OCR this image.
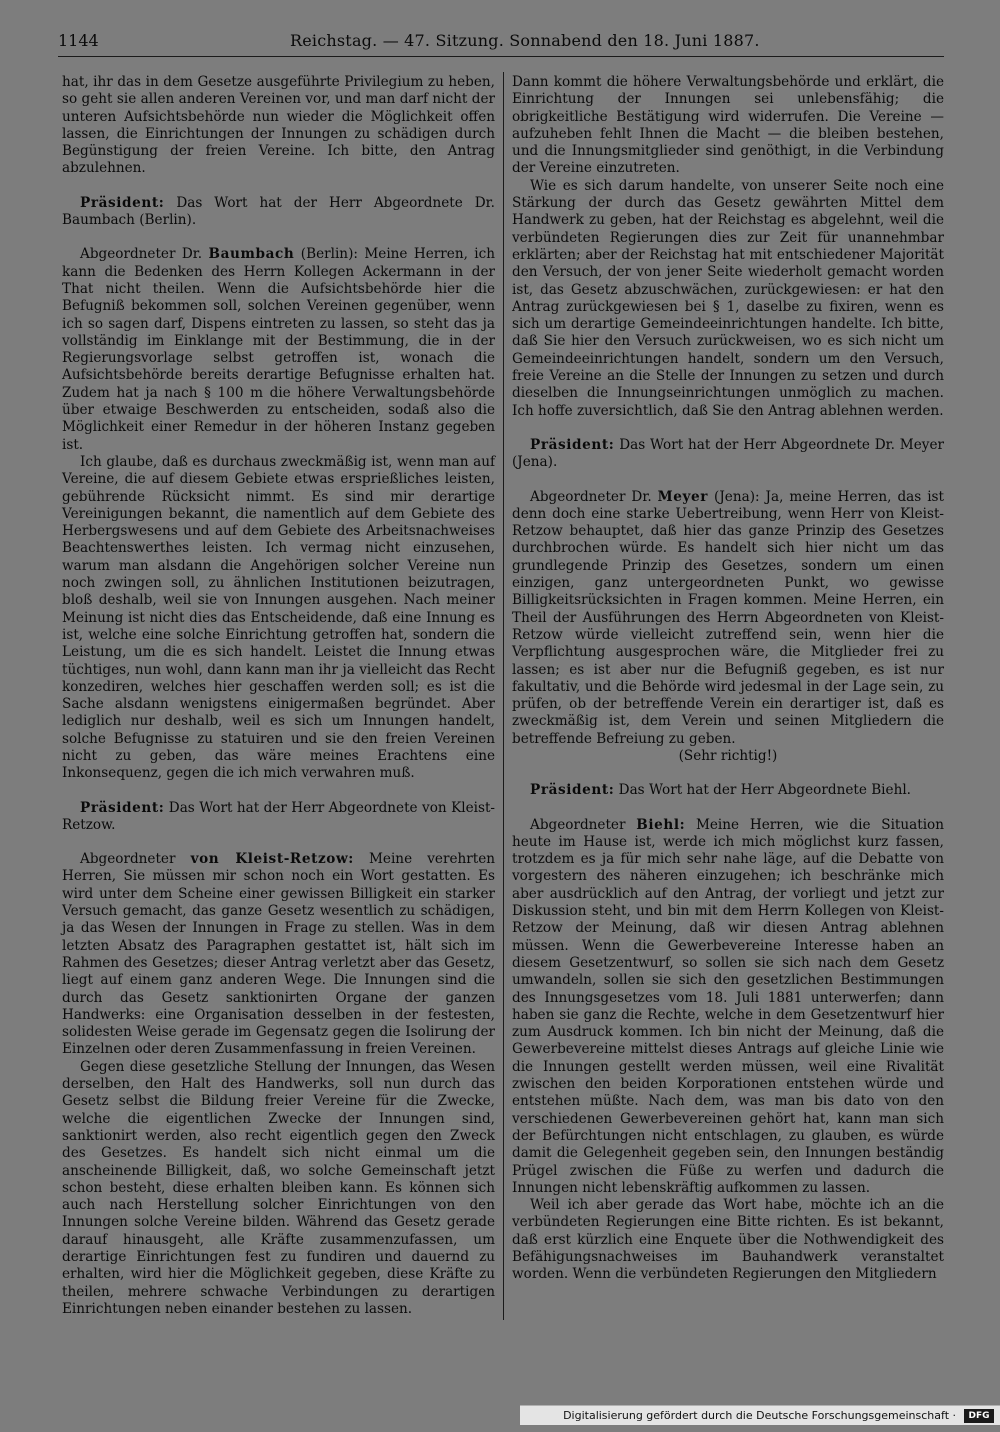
1144	Reichstag. — 47. Sitzung. Sonnabend den 18. Juni 1887.

hat, ihr das in dem Gesetze ausgeführte Privilegium zu heben, so geht sie allen anderen Vereinen vor, und man darf nicht der unteren Aufsichtsbehörde nun wieder die Möglichkeit offen lassen, die Einrichtungen der Innungen zu schädigen durch Begünstigung der freien Vereine. Ich bitte, den Antrag abzulehnen.

Präsident: Das Wort hat der Herr Abgeordnete Dr. Baumbach (Berlin).

Abgeordneter Dr. Baumbach (Berlin): Meine Herren, ich kann die Bedenken des Herrn Kollegen Ackermann in der That nicht theilen. Wenn die Aufsichtsbehörde hier die Befugniß bekommen soll, solchen Vereinen gegenüber, wenn ich so sagen darf, Dispens eintreten zu lassen, so steht das ja vollständig im Einklange mit der Bestimmung, die in der Regierungsvorlage selbst getroffen ist, wonach die Aufsichtsbehörde bereits derartige Befugnisse erhalten hat. Zudem hat ja nach § 100 m die höhere Verwaltungsbehörde über etwaige Beschwerden zu entscheiden, sodaß also die Möglichkeit einer Remedur in der höheren Instanz gegeben ist.

Ich glaube, daß es durchaus zweckmäßig ist, wenn man auf Vereine, die auf diesem Gebiete etwas ersprießliches leisten, gebührende Rücksicht nimmt. Es sind mir derartige Vereinigungen bekannt, die namentlich auf dem Gebiete des Herbergswesens und auf dem Gebiete des Arbeitsnachweises Beachtenswerthes leisten. Ich vermag nicht einzusehen, warum man alsdann die Angehörigen solcher Vereine nun noch zwingen soll, zu ähnlichen Institutionen beizutragen, bloß deshalb, weil sie von Innungen ausgehen. Nach meiner Meinung ist nicht dies das Entscheidende, daß eine Innung es ist, welche eine solche Einrichtung getroffen hat, sondern die Leistung, um die es sich handelt. Leistet die Innung etwas tüchtiges, nun wohl, dann kann man ihr ja vielleicht das Recht konzediren, welches hier geschaffen werden soll; es ist die Sache alsdann wenigstens einigermaßen begründet. Aber lediglich nur deshalb, weil es sich um Innungen handelt, solche Befugnisse zu statuiren und sie den freien Vereinen nicht zu geben, das wäre meines Erachtens eine Inkonsequenz, gegen die ich mich verwahren muß.

Präsident: Das Wort hat der Herr Abgeordnete von Kleist-Retzow.

Abgeordneter von Kleist-Retzow: Meine verehrten Herren, Sie müssen mir schon noch ein Wort gestatten. Es wird unter dem Scheine einer gewissen Billigkeit ein starker Versuch gemacht, das ganze Gesetz wesentlich zu schädigen, ja das Wesen der Innungen in Frage zu stellen. Was in dem letzten Absatz des Paragraphen gestattet ist, hält sich im Rahmen des Gesetzes; dieser Antrag verletzt aber das Gesetz, liegt auf einem ganz anderen Wege. Die Innungen sind die durch das Gesetz sanktionirten Organe der ganzen Handwerks: eine Organisation desselben in der festesten, solidesten Weise gerade im Gegensatz gegen die Isolirung der Einzelnen oder deren Zusammenfassung in freien Vereinen.

Gegen diese gesetzliche Stellung der Innungen, das Wesen derselben, den Halt des Handwerks, soll nun durch das Gesetz selbst die Bildung freier Vereine für die Zwecke, welche die eigentlichen Zwecke der Innungen sind, sanktionirt werden, also recht eigentlich gegen den Zweck des Gesetzes. Es handelt sich nicht einmal um die anscheinende Billigkeit, daß, wo solche Gemeinschaft jetzt schon besteht, diese erhalten bleiben kann. Es können sich auch nach Herstellung solcher Einrichtungen von den Innungen solche Vereine bilden. Während das Gesetz gerade darauf hinausgeht, alle Kräfte zusammenzufassen, um derartige Einrichtungen fest zu fundiren und dauernd zu erhalten, wird hier die Möglichkeit gegeben, diese Kräfte zu theilen, mehrere schwache Verbindungen zu derartigen Einrichtungen neben einander bestehen zu lassen.

Dann kommt die höhere Verwaltungsbehörde und erklärt, die Einrichtung der Innungen sei unlebensfähig; die obrigkeitliche Bestätigung wird widerrufen. Die Vereine — aufzuheben fehlt Ihnen die Macht — die bleiben bestehen, und die Innungsmitglieder sind genöthigt, in die Verbindung der Vereine einzutreten.

Wie es sich darum handelte, von unserer Seite noch eine Stärkung der durch das Gesetz gewährten Mittel dem Handwerk zu geben, hat der Reichstag es abgelehnt, weil die verbündeten Regierungen dies zur Zeit für unannehmbar erklärten; aber der Reichstag hat mit entschiedener Majorität den Versuch, der von jener Seite wiederholt gemacht worden ist, das Gesetz abzuschwächen, zurückgewiesen: er hat den Antrag zurückgewiesen bei § 1, daselbe zu fixiren, wenn es sich um derartige Gemeindeeinrichtungen handelte. Ich bitte, daß Sie hier den Versuch zurückweisen, wo es sich nicht um Gemeindeeinrichtungen handelt, sondern um den Versuch, freie Vereine an die Stelle der Innungen zu setzen und durch dieselben die Innungseinrichtungen unmöglich zu machen. Ich hoffe zuversichtlich, daß Sie den Antrag ablehnen werden.

Präsident: Das Wort hat der Herr Abgeordnete Dr. Meyer (Jena).

Abgeordneter Dr. Meyer (Jena): Ja, meine Herren, das ist denn doch eine starke Uebertreibung, wenn Herr von Kleist-Retzow behauptet, daß hier das ganze Prinzip des Gesetzes durchbrochen würde. Es handelt sich hier nicht um das grundlegende Prinzip des Gesetzes, sondern um einen einzigen, ganz untergeordneten Punkt, wo gewisse Billigkeitsrücksichten in Fragen kommen. Meine Herren, ein Theil der Ausführungen des Herrn Abgeordneten von Kleist-Retzow würde vielleicht zutreffend sein, wenn hier die Verpflichtung ausgesprochen wäre, die Mitglieder frei zu lassen; es ist aber nur die Befugniß gegeben, es ist nur fakultativ, und die Behörde wird jedesmal in der Lage sein, zu prüfen, ob der betreffende Verein ein derartiger ist, daß es zweckmäßig ist, dem Verein und seinen Mitgliedern die betreffende Befreiung zu geben.

(Sehr richtig!)

Präsident: Das Wort hat der Herr Abgeordnete Biehl.

Abgeordneter Biehl: Meine Herren, wie die Situation heute im Hause ist, werde ich mich möglichst kurz fassen, trotzdem es ja für mich sehr nahe läge, auf die Debatte von vorgestern des näheren einzugehen; ich beschränke mich aber ausdrücklich auf den Antrag, der vorliegt und jetzt zur Diskussion steht, und bin mit dem Herrn Kollegen von Kleist-Retzow der Meinung, daß wir diesen Antrag ablehnen müssen. Wenn die Gewerbevereine Interesse haben an diesem Gesetzentwurf, so sollen sie sich nach dem Gesetz umwandeln, sollen sie sich den gesetzlichen Bestimmungen des Innungsgesetzes vom 18. Juli 1881 unterwerfen; dann haben sie ganz die Rechte, welche in dem Gesetzentwurf hier zum Ausdruck kommen. Ich bin nicht der Meinung, daß die Gewerbevereine mittelst dieses Antrags auf gleiche Linie wie die Innungen gestellt werden müssen, weil eine Rivalität zwischen den beiden Korporationen entstehen würde und entstehen müßte. Nach dem, was man bis dato von den verschiedenen Gewerbevereinen gehört hat, kann man sich der Befürchtungen nicht entschlagen, zu glauben, es würde damit die Gelegenheit gegeben sein, den Innungen beständig Prügel zwischen die Füße zu werfen und dadurch die Innungen nicht lebenskräftig aufkommen zu lassen.

Weil ich aber gerade das Wort habe, möchte ich an die verbündeten Regierungen eine Bitte richten. Es ist bekannt, daß erst kürzlich eine Enquete über die Nothwendigkeit des Befähigungsnachweises im Bauhandwerk veranstaltet worden. Wenn die verbündeten Regierungen den Mitgliedern

Digitalisierung gefördert durch die Deutsche Forschungsgemeinschaft ·	DFG
